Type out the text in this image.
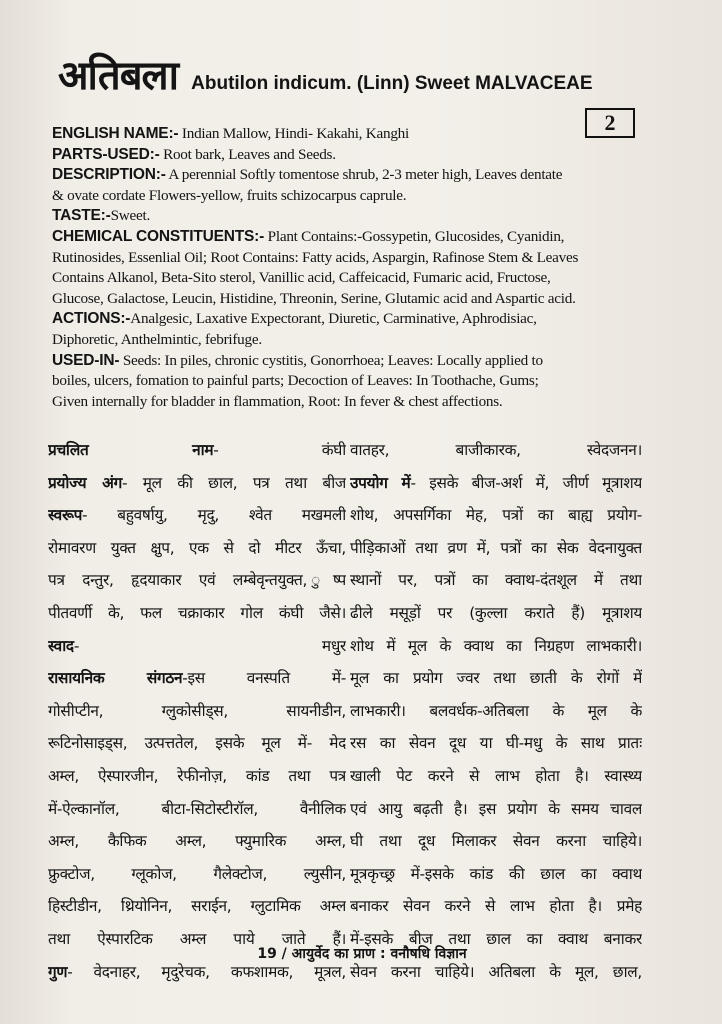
अतिबला Abutilon indicum. (Linn) Sweet MALVACEAE
2

ENGLISH NAME:- Indian Mallow, Hindi- Kakahi, Kanghi

PARTS-USED:- Root bark, Leaves and Seeds.

DESCRIPTION:- A perennial Softly tomentose shrub, 2-3 meter high, Leaves dentate

& ovate cordate Flowers-yellow, fruits schizocarpus caprule.

TASTE:-Sweet.

CHEMICAL CONSTITUENTS:- Plant Contains:-Gossypetin, Glucosides, Cyanidin,

Rutinosides, Essenlial Oil; Root Contains: Fatty acids, Aspargin, Rafinose Stem & Leaves

Contains Alkanol, Beta-Sito sterol, Vanillic acid, Caffeicacid, Fumaric acid, Fructose,

Glucose, Galactose, Leucin, Histidine, Threonin, Serine, Glutamic acid and Aspartic acid.

ACTIONS:-Analgesic, Laxative Expectorant, Diuretic, Carminative, Aphrodisiac,

Diphoretic, Anthelmintic, febrifuge.

USED-IN- Seeds: In piles, chronic cystitis, Gonorrhoea; Leaves: Locally applied to

boiles, ulcers, fomation to painful parts; Decoction of Leaves: In Toothache, Gums;

Given internally for bladder in flammation, Root: In fever & chest affections.

प्रचलित नाम- कंघी
प्रयोज्य अंग- मूल की छाल, पत्र तथा बीज
स्वरूप- बहुवर्षायु, मृदु, श्वेत मखमली
रोमावरण युक्त क्षुप, एक से दो मीटर ऊँचा,
पत्र दन्तुर, हृदयाकार एवं लम्बेवृन्तयुक्त, ुष्प
पीतवर्णी के, फल चक्राकार गोल कंघी जैसे।
स्वाद- मधुर
रासायनिक संगठन-इस वनस्पति में-
गोसीप्टीन, ग्लुकोसीड्स, सायनीडीन,
रूटिनोसाइड्स, उत्पत्ततेल, इसके मूल में- मेद
अम्ल, ऐस्पारजीन, रेफीनोज़, कांड तथा पत्र
में-ऐल्कानॉल, बीटा-सिटोस्टीरॉल, वैनीलिक
अम्ल, कैफिक अम्ल, फ्युमारिक अम्ल,
फ्रुक्टोज, ग्लूकोज, गैलेक्टोज, ल्युसीन,
हिस्टीडीन, थ्रियोनिन, सराईन, ग्लुटामिक अम्ल
तथा ऐस्पारटिक अम्ल पाये जाते हैं।
गुण- वेदनाहर, मृदुरेचक, कफशामक, मूत्रल,
वातहर, बाजीकारक, स्वेदजनन।
उपयोग में- इसके बीज-अर्श में, जीर्ण मूत्राशय
शोथ, अपसर्गिका मेह, पत्रों का बाह्य प्रयोग-
पीड़िकाओं तथा व्रण में, पत्रों का सेक वेदनायुक्त
स्थानों पर, पत्रों का क्वाथ-दंतशूल में तथा
ढीले मसूड़ों पर (कुल्ला कराते हैं) मूत्राशय
शोथ में मूल के क्वाथ का निग्रहण लाभकारी।
मूल का प्रयोग ज्वर तथा छाती के रोगों में
लाभकारी। बलवर्धक-अतिबला के मूल के
रस का सेवन दूध या घी-मधु के साथ प्रातः
खाली पेट करने से लाभ होता है। स्वास्थ्य
एवं आयु बढ़ती है। इस प्रयोग के समय चावल
घी तथा दूध मिलाकर सेवन करना चाहिये।
मूत्रकृच्छ्र में-इसके कांड की छाल का क्वाथ
बनाकर सेवन करने से लाभ होता है। प्रमेह
में-इसके बीज तथा छाल का क्वाथ बनाकर
सेवन करना चाहिये। अतिबला के मूल, छाल,
19 / आयुर्वेद का प्राण : वनौषधि विज्ञान
